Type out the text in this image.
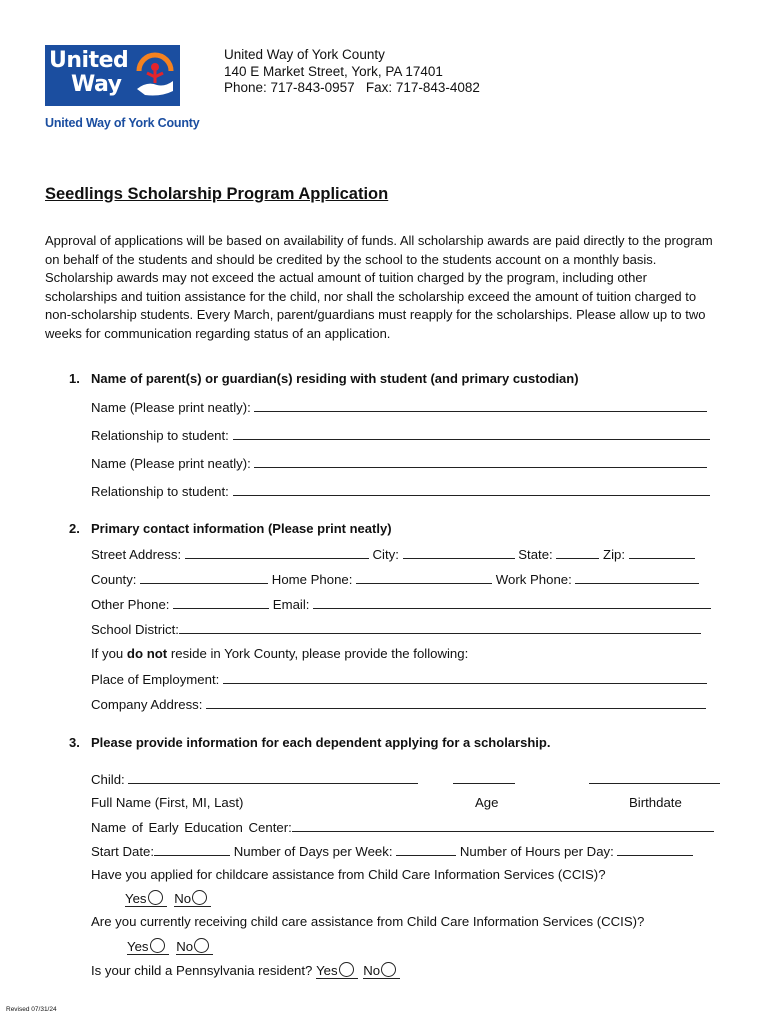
United
Way
United Way of York County
United Way of York County
140 E Market Street, York, PA 17401
Phone: 717-843-0957   Fax: 717-843-4082
Seedlings Scholarship Program Application
Approval of applications will be based on availability of funds. All scholarship awards are paid directly to the program on behalf of the students and should be credited by the school to the students account on a monthly basis. Scholarship awards may not exceed the actual amount of tuition charged by the program, including other scholarships and tuition assistance for the child, nor shall the scholarship exceed the amount of tuition charged to non-scholarship students. Every March, parent/guardians must reapply for the scholarships. Please allow up to two weeks for communication regarding status of an application.
1. Name of parent(s) or guardian(s) residing with student (and primary custodian)
Name (Please print neatly):
Relationship to student:
Name (Please print neatly):
Relationship to student:
2. Primary contact information (Please print neatly)
Street Address:	City:	State:	Zip:
County:	Home Phone:	Work Phone:
Other Phone:	Email:
School District:
If you do not reside in York County, please provide the following:
Place of Employment:
Company Address:
3. Please provide information for each dependent applying for a scholarship.
Child:
Full Name (First, MI, Last)	Age	Birthdate
Name of Early Education Center:
Start Date:	Number of Days per Week:	Number of Hours per Day:
Have you applied for childcare assistance from Child Care Information Services (CCIS)?
Yes No
Are you currently receiving child care assistance from Child Care Information Services (CCIS)?
Yes No
Is your child a Pennsylvania resident? Yes No
Revised 07/31/24
